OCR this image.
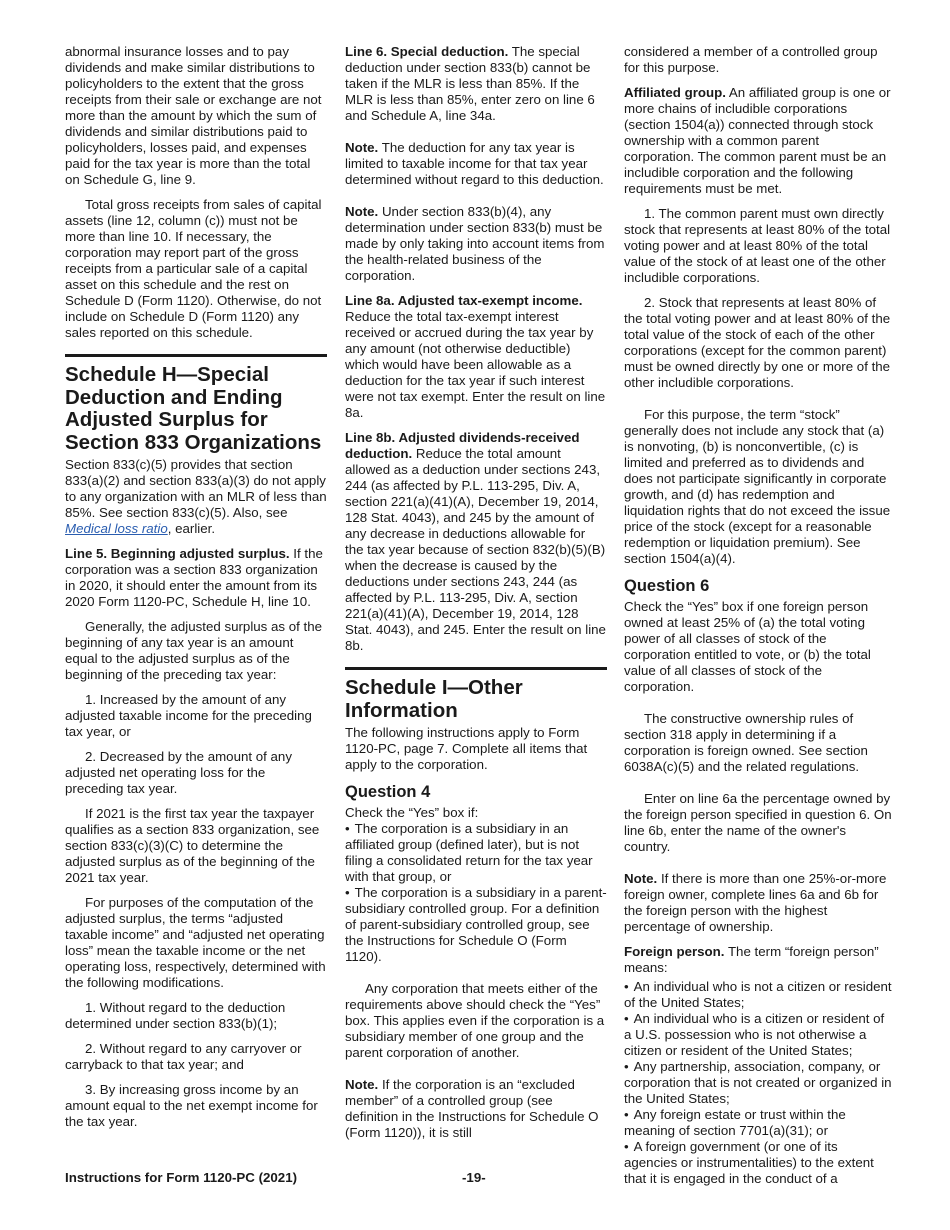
abnormal insurance losses and to pay dividends and make similar distributions to policyholders to the extent that the gross receipts from their sale or exchange are not more than the amount by which the sum of dividends and similar distributions paid to policyholders, losses paid, and expenses paid for the tax year is more than the total on Schedule G, line 9.

Total gross receipts from sales of capital assets (line 12, column (c)) must not be more than line 10. If necessary, the corporation may report part of the gross receipts from a particular sale of a capital asset on this schedule and the rest on Schedule D (Form 1120). Otherwise, do not include on Schedule D (Form 1120) any sales reported on this schedule.

Schedule H—Special Deduction and Ending Adjusted Surplus for Section 833 Organizations

Section 833(c)(5) provides that section 833(a)(2) and section 833(a)(3) do not apply to any organization with an MLR of less than 85%. See section 833(c)(5). Also, see Medical loss ratio, earlier.

Line 5. Beginning adjusted surplus. If the corporation was a section 833 organization in 2020, it should enter the amount from its 2020 Form 1120-PC, Schedule H, line 10.

Generally, the adjusted surplus as of the beginning of any tax year is an amount equal to the adjusted surplus as of the beginning of the preceding tax year:

1. Increased by the amount of any adjusted taxable income for the preceding tax year, or

2. Decreased by the amount of any adjusted net operating loss for the preceding tax year.

If 2021 is the first tax year the taxpayer qualifies as a section 833 organization, see section 833(c)(3)(C) to determine the adjusted surplus as of the beginning of the 2021 tax year.

For purposes of the computation of the adjusted surplus, the terms “adjusted taxable income” and “adjusted net operating loss” mean the taxable income or the net operating loss, respectively, determined with the following modifications.

1. Without regard to the deduction determined under section 833(b)(1);

2. Without regard to any carryover or carryback to that tax year; and

3. By increasing gross income by an amount equal to the net exempt income for the tax year.

Line 6. Special deduction. The special deduction under section 833(b) cannot be taken if the MLR is less than 85%. If the MLR is less than 85%, enter zero on line 6 and Schedule A, line 34a.

Note. The deduction for any tax year is limited to taxable income for that tax year determined without regard to this deduction.

Note. Under section 833(b)(4), any determination under section 833(b) must be made by only taking into account items from the health-related business of the corporation.

Line 8a. Adjusted tax-exempt income. Reduce the total tax-exempt interest received or accrued during the tax year by any amount (not otherwise deductible) which would have been allowable as a deduction for the tax year if such interest were not tax exempt. Enter the result on line 8a.

Line 8b. Adjusted dividends-received deduction. Reduce the total amount allowed as a deduction under sections 243, 244 (as affected by P.L. 113-295, Div. A, section 221(a)(41)(A), December 19, 2014, 128 Stat. 4043), and 245 by the amount of any decrease in deductions allowable for the tax year because of section 832(b)(5)(B) when the decrease is caused by the deductions under sections 243, 244 (as affected by P.L. 113-295, Div. A, section 221(a)(41)(A), December 19, 2014, 128 Stat. 4043), and 245. Enter the result on line 8b.

Schedule I—Other Information

The following instructions apply to Form 1120-PC, page 7. Complete all items that apply to the corporation.

Question 4

Check the “Yes” box if:

• The corporation is a subsidiary in an affiliated group (defined later), but is not filing a consolidated return for the tax year with that group, or

• The corporation is a subsidiary in a parent-subsidiary controlled group. For a definition of parent-subsidiary controlled group, see the Instructions for Schedule O (Form 1120).

Any corporation that meets either of the requirements above should check the “Yes” box. This applies even if the corporation is a subsidiary member of one group and the parent corporation of another.

Note. If the corporation is an “excluded member” of a controlled group (see definition in the Instructions for Schedule O (Form 1120)), it is still

considered a member of a controlled group for this purpose.

Affiliated group. An affiliated group is one or more chains of includible corporations (section 1504(a)) connected through stock ownership with a common parent corporation. The common parent must be an includible corporation and the following requirements must be met.

1. The common parent must own directly stock that represents at least 80% of the total voting power and at least 80% of the total value of the stock of at least one of the other includible corporations.

2. Stock that represents at least 80% of the total voting power and at least 80% of the total value of the stock of each of the other corporations (except for the common parent) must be owned directly by one or more of the other includible corporations.

For this purpose, the term “stock” generally does not include any stock that (a) is nonvoting, (b) is nonconvertible, (c) is limited and preferred as to dividends and does not participate significantly in corporate growth, and (d) has redemption and liquidation rights that do not exceed the issue price of the stock (except for a reasonable redemption or liquidation premium). See section 1504(a)(4).

Question 6

Check the “Yes” box if one foreign person owned at least 25% of (a) the total voting power of all classes of stock of the corporation entitled to vote, or (b) the total value of all classes of stock of the corporation.

The constructive ownership rules of section 318 apply in determining if a corporation is foreign owned. See section 6038A(c)(5) and the related regulations.

Enter on line 6a the percentage owned by the foreign person specified in question 6. On line 6b, enter the name of the owner's country.

Note. If there is more than one 25%-or-more foreign owner, complete lines 6a and 6b for the foreign person with the highest percentage of ownership.

Foreign person. The term “foreign person” means:

• An individual who is not a citizen or resident of the United States;

• An individual who is a citizen or resident of a U.S. possession who is not otherwise a citizen or resident of the United States;

• Any partnership, association, company, or corporation that is not created or organized in the United States;

• Any foreign estate or trust within the meaning of section 7701(a)(31); or

• A foreign government (or one of its agencies or instrumentalities) to the extent that it is engaged in the conduct of a

Instructions for Form 1120-PC (2021)	-19-
